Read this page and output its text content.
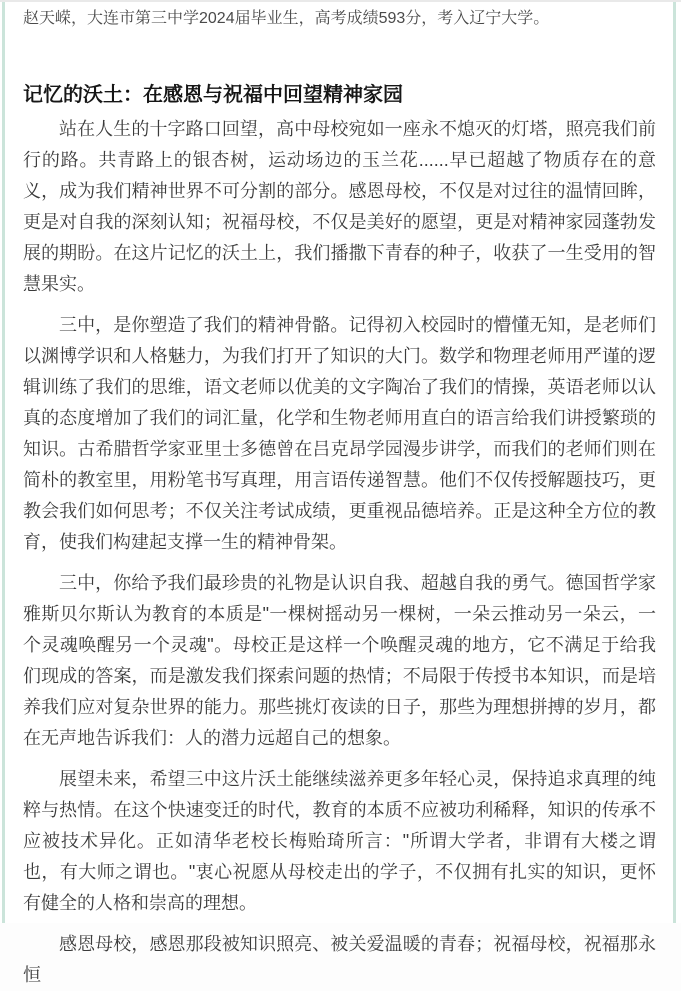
赵天嵘，大连市第三中学2024届毕业生，高考成绩593分，考入辽宁大学。

记忆的沃土：在感恩与祝福中回望精神家园

站在人生的十字路口回望，高中母校宛如一座永不熄灭的灯塔，照亮我们前行的路。共青路上的银杏树，运动场边的玉兰花......早已超越了物质存在的意义，成为我们精神世界不可分割的部分。感恩母校，不仅是对过往的温情回眸，更是对自我的深刻认知；祝福母校，不仅是美好的愿望，更是对精神家园蓬勃发展的期盼。在这片记忆的沃土上，我们播撒下青春的种子，收获了一生受用的智慧果实。

三中，是你塑造了我们的精神骨骼。记得初入校园时的懵懂无知，是老师们以渊博学识和人格魅力，为我们打开了知识的大门。数学和物理老师用严谨的逻辑训练了我们的思维，语文老师以优美的文字陶冶了我们的情操，英语老师以认真的态度增加了我们的词汇量，化学和生物老师用直白的语言给我们讲授繁琐的知识。古希腊哲学家亚里士多德曾在吕克昂学园漫步讲学，而我们的老师们则在简朴的教室里，用粉笔书写真理，用言语传递智慧。他们不仅传授解题技巧，更教会我们如何思考；不仅关注考试成绩，更重视品德培养。正是这种全方位的教育，使我们构建起支撑一生的精神骨架。

三中，你给予我们最珍贵的礼物是认识自我、超越自我的勇气。德国哲学家雅斯贝尔斯认为教育的本质是"一棵树摇动另一棵树，一朵云推动另一朵云，一个灵魂唤醒另一个灵魂"。母校正是这样一个唤醒灵魂的地方，它不满足于给我们现成的答案，而是激发我们探索问题的热情；不局限于传授书本知识，而是培养我们应对复杂世界的能力。那些挑灯夜读的日子，那些为理想拼搏的岁月，都在无声地告诉我们：人的潜力远超自己的想象。

展望未来，希望三中这片沃土能继续滋养更多年轻心灵，保持追求真理的纯粹与热情。在这个快速变迁的时代，教育的本质不应被功利稀释，知识的传承不应被技术异化。正如清华老校长梅贻琦所言："所谓大学者，非谓有大楼之谓也，有大师之谓也。"衷心祝愿从母校走出的学子，不仅拥有扎实的知识，更怀有健全的人格和崇高的理想。

感恩母校，感恩那段被知识照亮、被关爱温暖的青春；祝福母校，祝福那永恒
